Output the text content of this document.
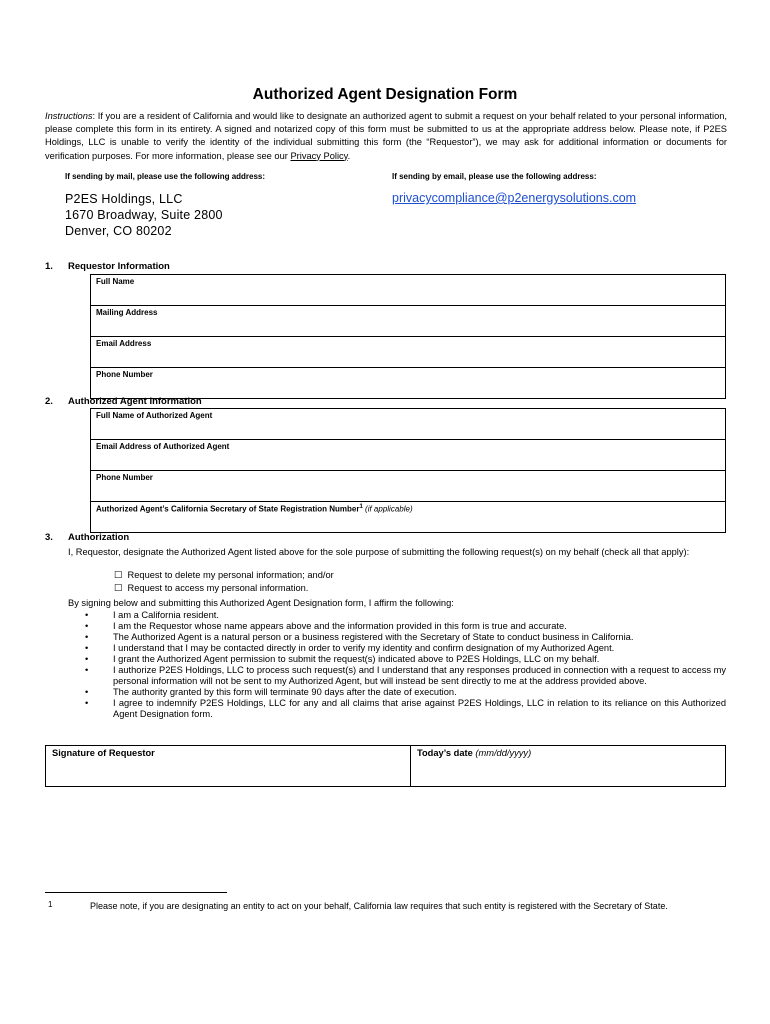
Authorized Agent Designation Form
Instructions: If you are a resident of California and would like to designate an authorized agent to submit a request on your behalf related to your personal information, please complete this form in its entirety. A signed and notarized copy of this form must be submitted to us at the appropriate address below. Please note, if P2ES Holdings, LLC is unable to verify the identity of the individual submitting this form (the “Requestor”), we may ask for additional information or documents for verification purposes. For more information, please see our Privacy Policy.
If sending by mail, please use the following address:	If sending by email, please use the following address:
P2ES Holdings, LLC
1670 Broadway, Suite 2800
Denver, CO 80202
privacycompliance@p2energysolutions.com
1. Requestor Information
Full Name
Mailing Address
Email Address
Phone Number
2. Authorized Agent Information
Full Name of Authorized Agent
Email Address of Authorized Agent
Phone Number
Authorized Agent’s California Secretary of State Registration Number$^1$ (if applicable)
3. Authorization
I, Requestor, designate the Authorized Agent listed above for the sole purpose of submitting the following request(s) on my behalf (check all that apply):
☐ Request to delete my personal information; and/or
☐ Request to access my personal information.
By signing below and submitting this Authorized Agent Designation form, I affirm the following:
•	I am a California resident.
•	I am the Requestor whose name appears above and the information provided in this form is true and accurate.
•	The Authorized Agent is a natural person or a business registered with the Secretary of State to conduct business in California.
•	I understand that I may be contacted directly in order to verify my identity and confirm designation of my Authorized Agent.
•	I grant the Authorized Agent permission to submit the request(s) indicated above to P2ES Holdings, LLC on my behalf.
•	I authorize P2ES Holdings, LLC to process such request(s) and I understand that any responses produced in connection with a request to access my personal information will not be sent to my Authorized Agent, but will instead be sent directly to me at the address provided above.
•	The authority granted by this form will terminate 90 days after the date of execution.
•	I agree to indemnify P2ES Holdings, LLC for any and all claims that arise against P2ES Holdings, LLC in relation to its reliance on this Authorized Agent Designation form.
Signature of Requestor	Today’s date (mm/dd/yyyy)
1	Please note, if you are designating an entity to act on your behalf, California law requires that such entity is registered with the Secretary of State.
